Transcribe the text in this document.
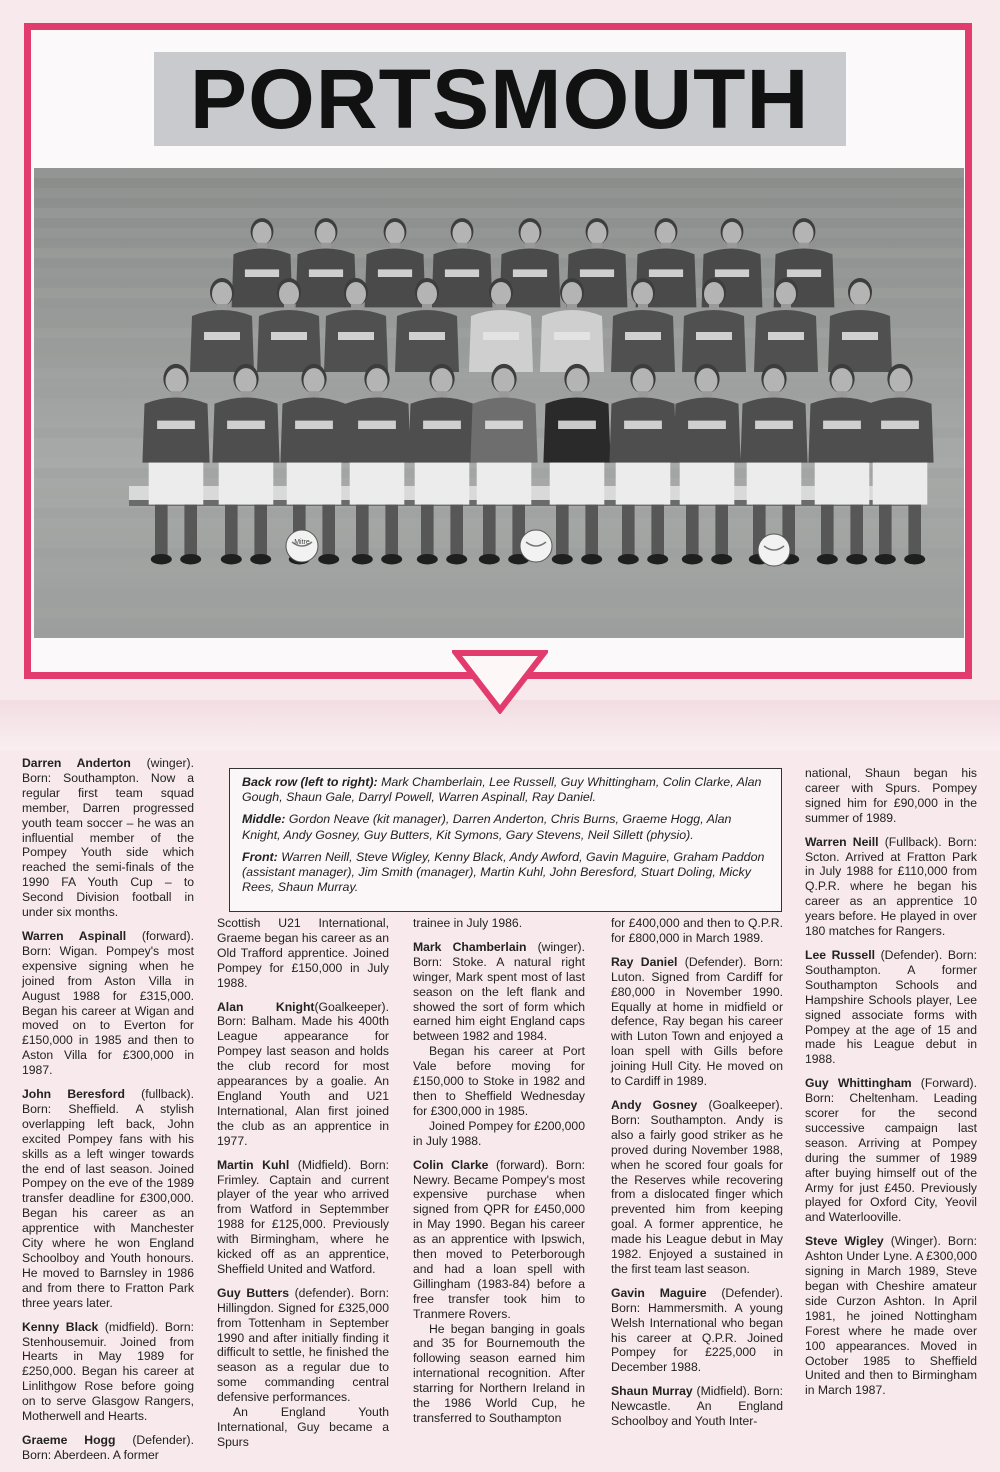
PORTSMOUTH
Mitre

Back row (left to right): Mark Chamberlain, Lee Russell, Guy Whittingham, Colin Clarke, Alan Gough, Shaun Gale, Darryl Powell, Warren Aspinall, Ray Daniel.

Middle: Gordon Neave (kit manager), Darren Anderton, Chris Burns, Graeme Hogg, Alan Knight, Andy Gosney, Guy Butters, Kit Symons, Gary Stevens, Neil Sillett (physio).

Front: Warren Neill, Steve Wigley, Kenny Black, Andy Awford, Gavin Maguire, Graham Paddon (assistant manager), Jim Smith (manager), Martin Kuhl, John Beresford, Stuart Doling, Micky Rees, Shaun Murray.

Darren Anderton (winger). Born: Southampton. Now a regular first team squad member, Darren progressed youth team soccer – he was an influential member of the Pompey Youth side which reached the semi-finals of the 1990 FA Youth Cup – to Second Division football in under six months.

Warren Aspinall (forward). Born: Wigan. Pompey's most expensive signing when he joined from Aston Villa in August 1988 for £315,000. Began his career at Wigan and moved on to Everton for £150,000 in 1985 and then to Aston Villa for £300,000 in 1987.

John Beresford (fullback). Born: Sheffield. A stylish overlapping left back, John excited Pompey fans with his skills as a left winger towards the end of last season. Joined Pompey on the eve of the 1989 transfer deadline for £300,000. Began his career as an apprentice with Manchester City where he won England Schoolboy and Youth honours. He moved to Barnsley in 1986 and from there to Fratton Park three years later.

Kenny Black (midfield). Born: Stenhousemuir. Joined from Hearts in May 1989 for £250,000. Began his career at Linlithgow Rose before going on to serve Glasgow Rangers, Motherwell and Hearts.

Graeme Hogg (Defender). Born: Aberdeen. A former

Scottish U21 International, Graeme began his career as an Old Trafford apprentice. Joined Pompey for £150,000 in July 1988.

Alan Knight(Goalkeeper). Born: Balham. Made his 400th League appearance for Pompey last season and holds the club record for most appearances by a goalie. An England Youth and U21 International, Alan first joined the club as an apprentice in 1977.

Martin Kuhl (Midfield). Born: Frimley. Captain and current player of the year who arrived from Watford in Septemmber 1988 for £125,000. Previously with Birmingham, where he kicked off as an apprentice, Sheffield United and Watford.

Guy Butters (defender). Born: Hillingdon. Signed for £325,000 from Tottenham in September 1990 and after initially finding it difficult to settle, he finished the season as a regular due to some commanding central defensive performances.

An England Youth International, Guy became a Spurs

trainee in July 1986.

Mark Chamberlain (winger). Born: Stoke. A natural right winger, Mark spent most of last season on the left flank and showed the sort of form which earned him eight England caps between 1982 and 1984.

Began his career at Port Vale before moving for £150,000 to Stoke in 1982 and then to Sheffield Wednesday for £300,000 in 1985.

Joined Pompey for £200,000 in July 1988.

Colin Clarke (forward). Born: Newry. Became Pompey's most expensive purchase when signed from QPR for £450,000 in May 1990. Began his career as an apprentice with Ipswich, then moved to Peterborough and had a loan spell with Gillingham (1983-84) before a free transfer took him to Tranmere Rovers.

He began banging in goals and 35 for Bournemouth the following season earned him international recognition. After starring for Northern Ireland in the 1986 World Cup, he transferred to Southampton

for £400,000 and then to Q.P.R. for £800,000 in March 1989.

Ray Daniel (Defender). Born: Luton. Signed from Cardiff for £80,000 in November 1990. Equally at home in midfield or defence, Ray began his career with Luton Town and enjoyed a loan spell with Gills before joining Hull City. He moved on to Cardiff in 1989.

Andy Gosney (Goalkeeper). Born: Southampton. Andy is also a fairly good striker as he proved during November 1988, when he scored four goals for the Reserves while recovering from a dislocated finger which prevented him from keeping goal. A former apprentice, he made his League debut in May 1982. Enjoyed a sustained in the first team last season.

Gavin Maguire (Defender). Born: Hammersmith. A young Welsh International who began his career at Q.P.R. Joined Pompey for £225,000 in December 1988.

Shaun Murray (Midfield). Born: Newcastle. An England Schoolboy and Youth Inter-

national, Shaun began his career with Spurs. Pompey signed him for £90,000 in the summer of 1989.

Warren Neill (Fullback). Born: Scton. Arrived at Fratton Park in July 1988 for £110,000 from Q.P.R. where he began his career as an apprentice 10 years before. He played in over 180 matches for Rangers.

Lee Russell (Defender). Born: Southampton. A former Southampton Schools and Hampshire Schools player, Lee signed associate forms with Pompey at the age of 15 and made his League debut in 1988.

Guy Whittingham (Forward). Born: Cheltenham. Leading scorer for the second successive campaign last season. Arriving at Pompey during the summer of 1989 after buying himself out of the Army for just £450. Previously played for Oxford City, Yeovil and Waterlooville.

Steve Wigley (Winger). Born: Ashton Under Lyne. A £300,000 signing in March 1989, Steve began with Cheshire amateur side Curzon Ashton. In April 1981, he joined Nottingham Forest where he made over 100 appearances. Moved in October 1985 to Sheffield United and then to Birmingham in March 1987.
